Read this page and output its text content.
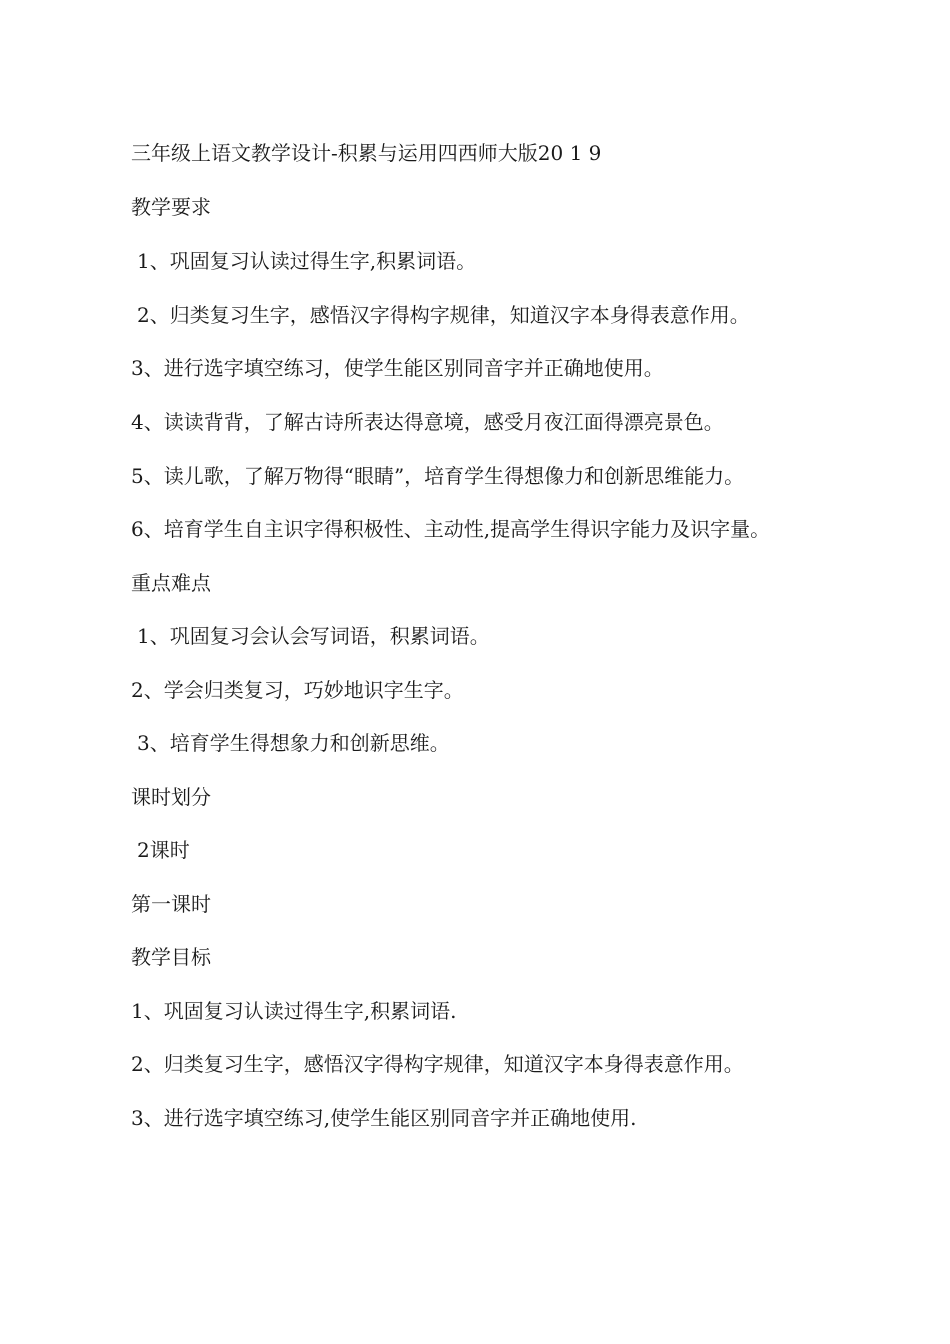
三年级上语文教学设计-积累与运用四西师大版20 1 9

教学要求

1、巩固复习认读过得生字,积累词语。

2、归类复习生字，感悟汉字得构字规律，知道汉字本身得表意作用。

3、进行选字填空练习，使学生能区别同音字并正确地使用。

4、读读背背，了解古诗所表达得意境，感受月夜江面得漂亮景色。

5、读儿歌，了解万物得“眼睛”，培育学生得想像力和创新思维能力。

6、培育学生自主识字得积极性、主动性,提高学生得识字能力及识字量。

重点难点

1、巩固复习会认会写词语，积累词语。

2、学会归类复习，巧妙地识字生字。

3、培育学生得想象力和创新思维。

课时划分

2课时

第一课时

教学目标

1、巩固复习认读过得生字,积累词语.

2、归类复习生字，感悟汉字得构字规律，知道汉字本身得表意作用。

3、进行选字填空练习,使学生能区别同音字并正确地使用.
